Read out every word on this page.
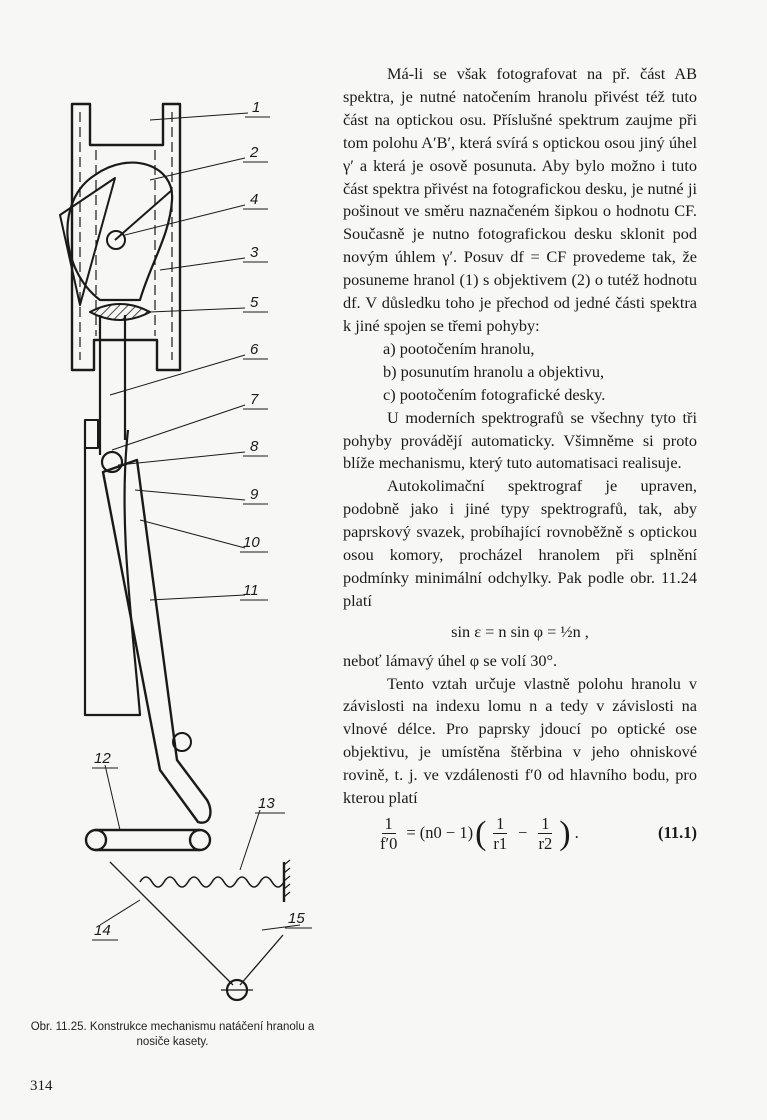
1
2
4
3
5
6
7
8
9
10
11
12
13
14
15
Obr. 11.25. Konstrukce mechanismu natáčení hranolu a nosiče kasety.
314

Má-li se však fotografovat na př. část AB spektra, je nutné natočením hranolu přivést též tuto část na optickou osu. Příslušné spektrum zaujme při tom polohu A′B′, která svírá s optickou osou jiný úhel γ′ a která je osově posunuta. Aby bylo možno i tuto část spektra přivést na fotografickou desku, je nutné ji pošinout ve směru naznačeném šipkou o hodnotu CF. Současně je nutno fotografickou desku sklonit pod novým úhlem γ′. Posuv df = CF provedeme tak, že posuneme hranol (1) s objektivem (2) o tutéž hodnotu df. V důsledku toho je přechod od jedné části spektra k jiné spojen se třemi pohyby:

a) pootočením hranolu,

b) posunutím hranolu a objektivu,

c) pootočením fotografické desky.

U moderních spektrografů se všechny tyto tři pohyby provádějí automaticky. Všimněme si proto blíže mechanismu, který tuto automatisaci realisuje.

Autokolimační spektrograf je upraven, podobně jako i jiné typy spektrografů, tak, aby paprskový svazek, probíhající rovnoběžně s optickou osou komory, procházel hranolem při splnění podmínky minimální odchylky. Pak podle obr. 11.24 platí

sin ε = n sin φ = ½n ,

neboť lámavý úhel φ se volí 30°.

Tento vztah určuje vlastně polohu hranolu v závislosti na indexu lomu n a tedy v závislosti na vlnové délce. Pro paprsky jdoucí po optické ose objektivu, je umístěna štěrbina v jeho ohniskové rovině, t. j. ve vzdálenosti f′0 od hlavního bodu, pro kterou platí

$\frac{1}{f'0} = (n0 - 1)$ ( $\frac{1}{r1} - \frac{1}{r2}$ ) .	(11.1)
